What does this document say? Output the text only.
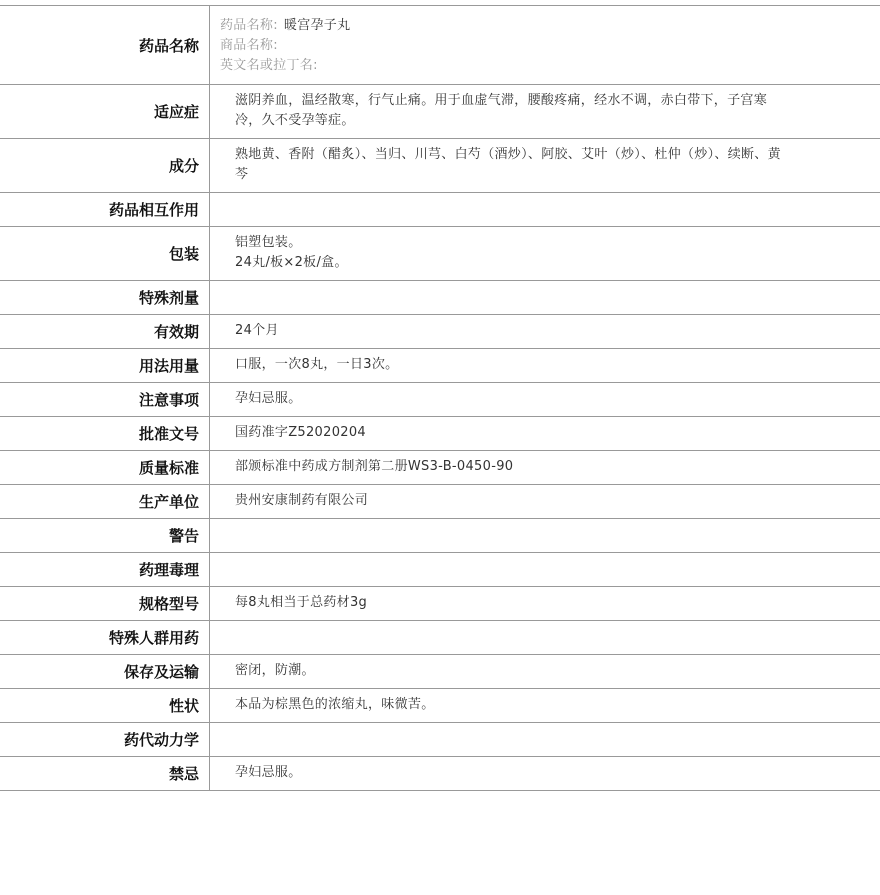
药品名称	药品名称: 暖宫孕子丸
商品名称:
英文名或拉丁名:

适应症	滋阴养血，温经散寒，行气止痛。用于血虚气滞，腰酸疼痛，经水不调，赤白带下，子宫寒冷，久不受孕等症。

成分	熟地黄、香附（醋炙）、当归、川芎、白芍（酒炒）、阿胶、艾叶（炒）、杜仲（炒）、续断、黄芩

药品相互作用	

包装	铝塑包装。
24丸/板×2板/盒。

特殊剂量	

有效期	24个月

用法用量	口服，一次8丸，一日3次。

注意事项	孕妇忌服。

批准文号	国药准字Z52020204

质量标准	部颁标准中药成方制剂第二册WS3-B-0450-90

生产单位	贵州安康制药有限公司

警告	

药理毒理	

规格型号	每8丸相当于总药材3g

特殊人群用药	

保存及运输	密闭，防潮。

性状	本品为棕黑色的浓缩丸，味微苦。

药代动力学	

禁忌	孕妇忌服。
